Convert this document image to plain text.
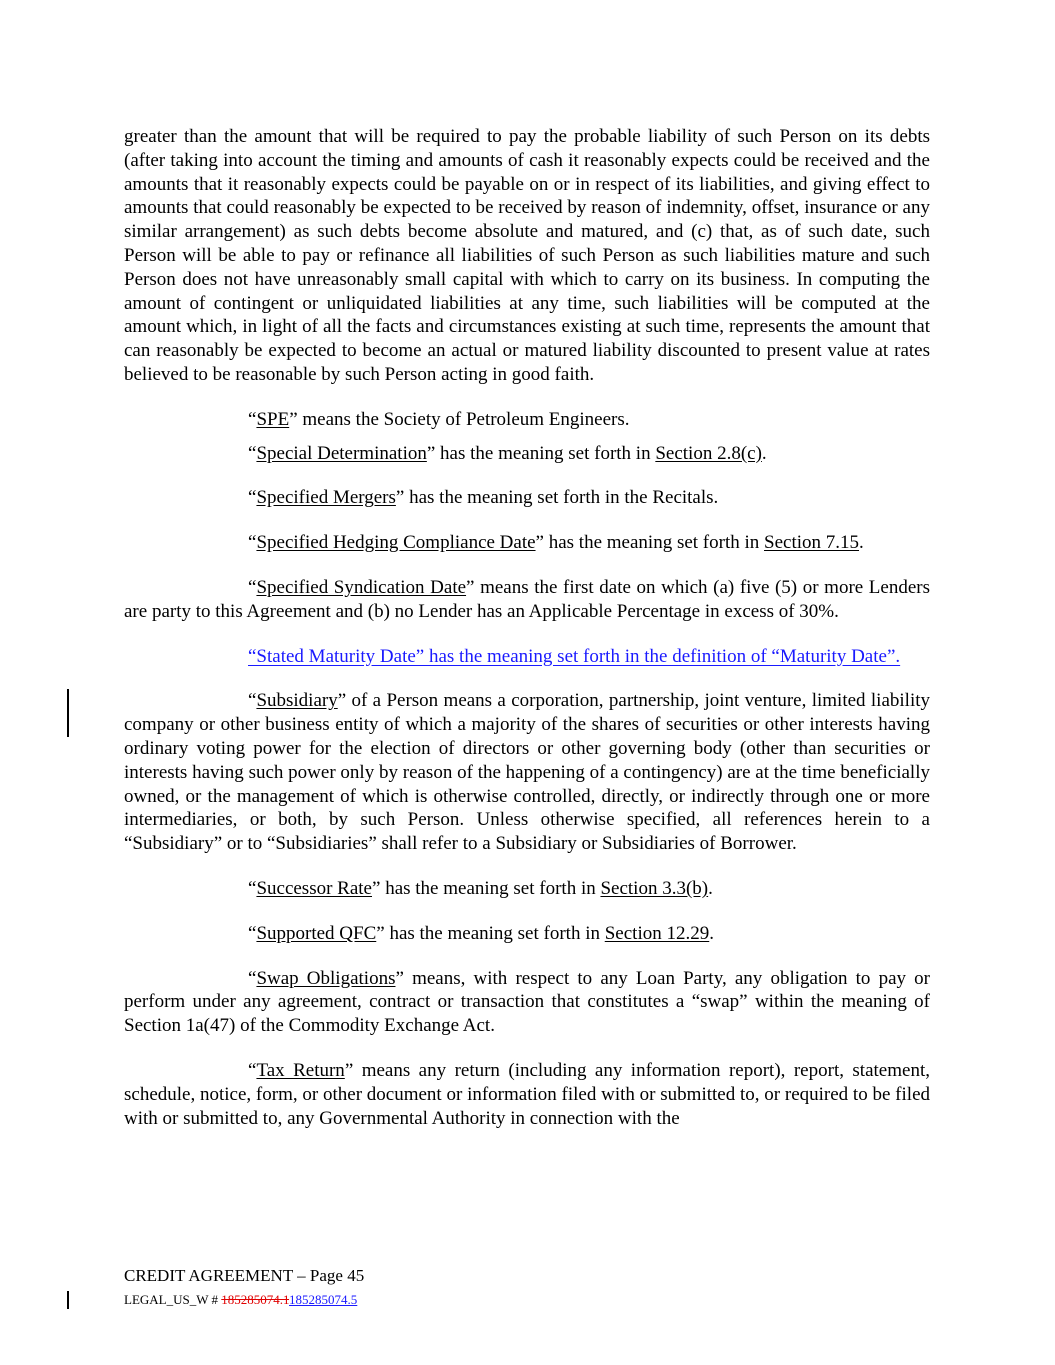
greater than the amount that will be required to pay the probable liability of such Person on its debts (after taking into account the timing and amounts of cash it reasonably expects could be received and the amounts that it reasonably expects could be payable on or in respect of its liabilities, and giving effect to amounts that could reasonably be expected to be received by reason of indemnity, offset, insurance or any similar arrangement) as such debts become absolute and matured, and (c) that, as of such date, such Person will be able to pay or refinance all liabilities of such Person as such liabilities mature and such Person does not have unreasonably small capital with which to carry on its business. In computing the amount of contingent or unliquidated liabilities at any time, such liabilities will be computed at the amount which, in light of all the facts and circumstances existing at such time, represents the amount that can reasonably be expected to become an actual or matured liability discounted to present value at rates believed to be reasonable by such Person acting in good faith.

“SPE” means the Society of Petroleum Engineers.

“Special Determination” has the meaning set forth in Section 2.8(c).

“Specified Mergers” has the meaning set forth in the Recitals.

“Specified Hedging Compliance Date” has the meaning set forth in Section 7.15.

“Specified Syndication Date” means the first date on which (a) five (5) or more Lenders are party to this Agreement and (b) no Lender has an Applicable Percentage in excess of 30%.

“Stated Maturity Date” has the meaning set forth in the definition of “Maturity Date”.

“Subsidiary” of a Person means a corporation, partnership, joint venture, limited liability company or other business entity of which a majority of the shares of securities or other interests having ordinary voting power for the election of directors or other governing body (other than securities or interests having such power only by reason of the happening of a contingency) are at the time beneficially owned, or the management of which is otherwise controlled, directly, or indirectly through one or more intermediaries, or both, by such Person. Unless otherwise specified, all references herein to a “Subsidiary” or to “Subsidiaries” shall refer to a Subsidiary or Subsidiaries of Borrower.

“Successor Rate” has the meaning set forth in Section 3.3(b).

“Supported QFC” has the meaning set forth in Section 12.29.

“Swap Obligations” means, with respect to any Loan Party, any obligation to pay or perform under any agreement, contract or transaction that constitutes a “swap” within the meaning of Section 1a(47) of the Commodity Exchange Act.

“Tax Return” means any return (including any information report), report, statement, schedule, notice, form, or other document or information filed with or submitted to, or required to be filed with or submitted to, any Governmental Authority in connection with the

CREDIT AGREEMENT – Page 45
LEGAL_US_W # 185285074.1185285074.5
